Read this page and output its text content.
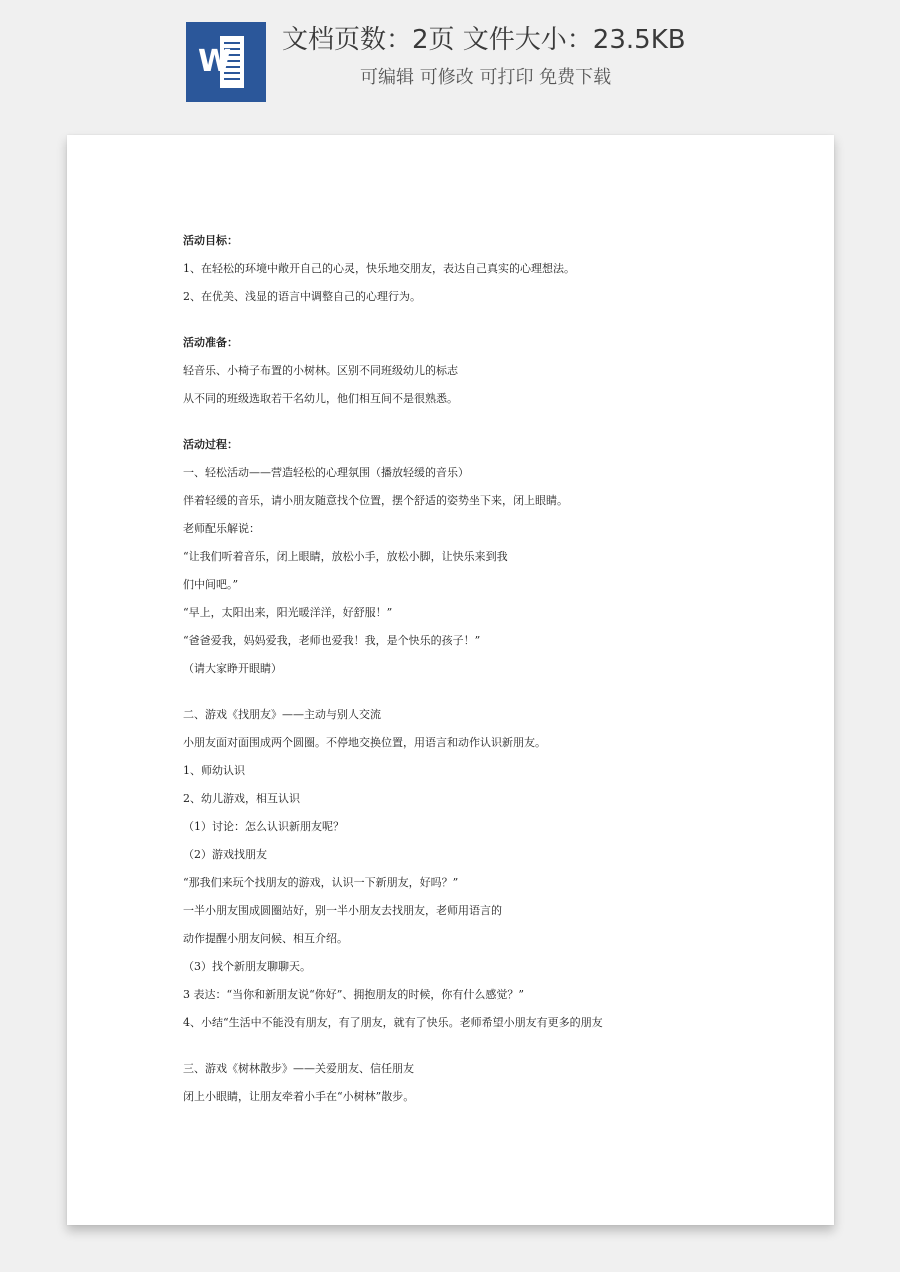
W
文档页数：2页 文件大小：23.5KB
可编辑 可修改 可打印 免费下载
活动目标：
1、在轻松的环境中敞开自己的心灵，快乐地交朋友，表达自己真实的心理想法。
2、在优美、浅显的语言中调整自己的心理行为。
活动准备：
轻音乐、小椅子布置的小树林。区别不同班级幼儿的标志
从不同的班级选取若干名幼儿，他们相互间不是很熟悉。
活动过程：
一、轻松活动——营造轻松的心理氛围（播放轻缓的音乐）
伴着轻缓的音乐，请小朋友随意找个位置，摆个舒适的姿势坐下来，闭上眼睛。
老师配乐解说：
“让我们听着音乐，闭上眼睛，放松小手，放松小脚，让快乐来到我
们中间吧。”
“早上，太阳出来，阳光暖洋洋，好舒服！”
“爸爸爱我，妈妈爱我，老师也爱我！我，是个快乐的孩子！”
（请大家睁开眼睛）
二、游戏《找朋友》——主动与别人交流
小朋友面对面围成两个圆圈。不停地交换位置，用语言和动作认识新朋友。
1、师幼认识
2、幼儿游戏，相互认识
（1）讨论：怎么认识新朋友呢？
（2）游戏找朋友
“那我们来玩个找朋友的游戏，认识一下新朋友，好吗？”
一半小朋友围成圆圈站好，别一半小朋友去找朋友，老师用语言的
动作提醒小朋友问候、相互介绍。
（3）找个新朋友聊聊天。
3 表达：“当你和新朋友说“你好”、拥抱朋友的时候，你有什么感觉？”
4、小结“生活中不能没有朋友，有了朋友，就有了快乐。老师希望小朋友有更多的朋友
三、游戏《树林散步》——关爱朋友、信任朋友
闭上小眼睛，让朋友牵着小手在“小树林”散步。
